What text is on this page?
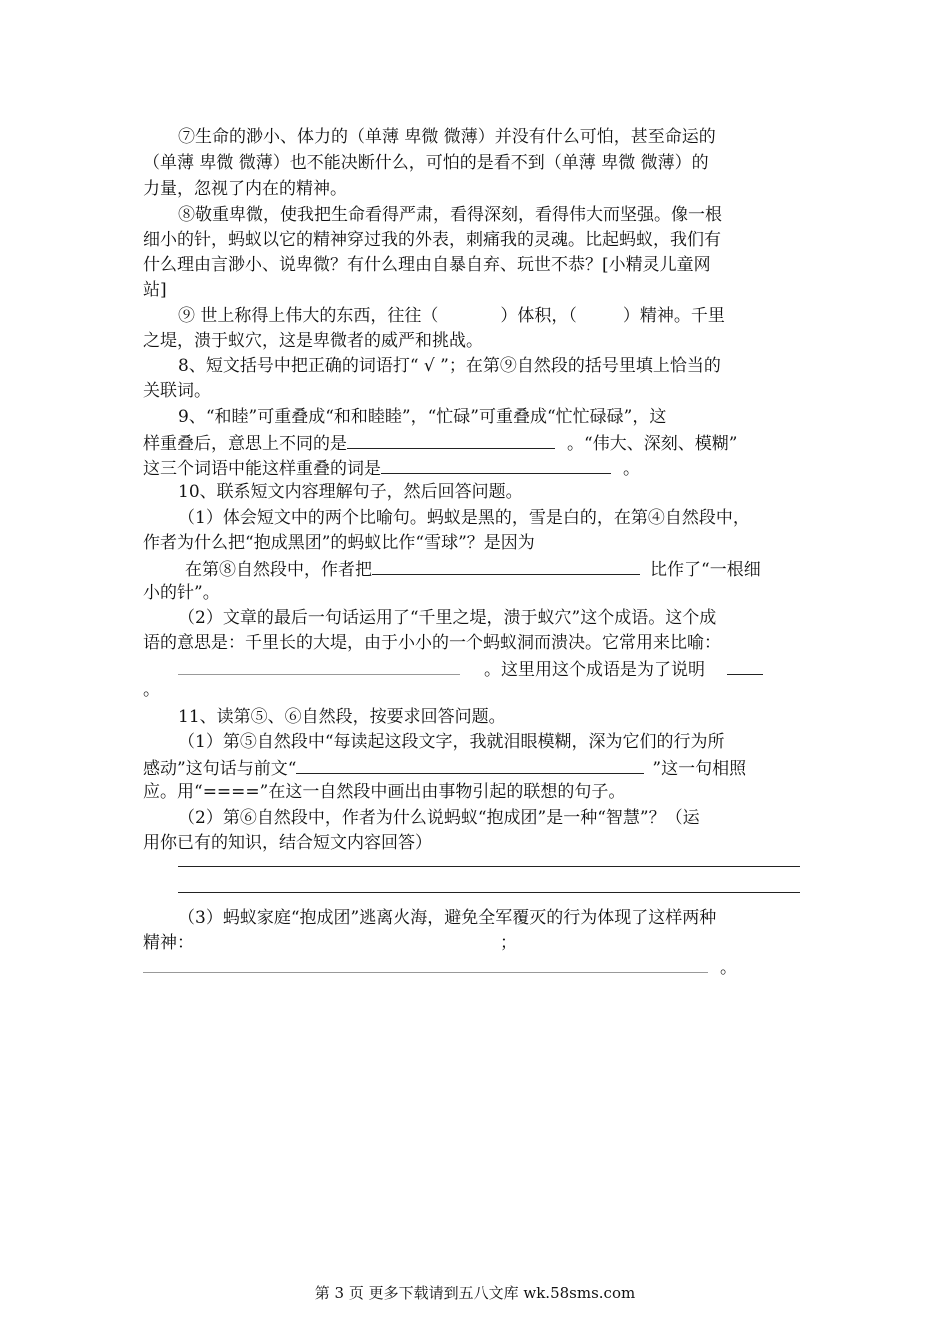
⑦生命的渺小、体力的（单薄 卑微 微薄）并没有什么可怕，甚至命运的
（单薄 卑微 微薄）也不能决断什么，可怕的是看不到（单薄 卑微 微薄）的
力量，忽视了内在的精神。
⑧敬重卑微，使我把生命看得严肃，看得深刻，看得伟大而坚强。像一根
细小的针，蚂蚁以它的精神穿过我的外表，刺痛我的灵魂。比起蚂蚁，我们有
什么理由言渺小、说卑微？有什么理由自暴自弃、玩世不恭？[小精灵儿童网
站]
⑨ 世上称得上伟大的东西，往往（	）体积，（	）精神。千里
之堤，溃于蚁穴，这是卑微者的威严和挑战。
8、短文括号中把正确的词语打“ √ ”；在第⑨自然段的括号里填上恰当的
关联词。
9、“和睦”可重叠成“和和睦睦”，“忙碌”可重叠成“忙忙碌碌”，这
样重叠后，意思上不同的是	。“伟大、深刻、模糊”
这三个词语中能这样重叠的词是	。
10、联系短文内容理解句子，然后回答问题。
（1）体会短文中的两个比喻句。蚂蚁是黑的，雪是白的，在第④自然段中，
作者为什么把“抱成黑团”的蚂蚁比作“雪球”？是因为
在第⑧自然段中，作者把	比作了“一根细
小的针”。
（2）文章的最后一句话运用了“千里之堤，溃于蚁穴”这个成语。这个成
语的意思是：千里长的大堤，由于小小的一个蚂蚁洞而溃决。它常用来比喻：
。这里用这个成语是为了说明
。
11、读第⑤、⑥自然段，按要求回答问题。
（1）第⑤自然段中“每读起这段文字，我就泪眼模糊，深为它们的行为所
感动”这句话与前文“	”这一句相照
应。用“====”在这一自然段中画出由事物引起的联想的句子。
（2）第⑥自然段中，作者为什么说蚂蚁“抱成团”是一种“智慧”？（运
用你已有的知识，结合短文内容回答）
（3）蚂蚁家庭“抱成团”逃离火海，避免全军覆灭的行为体现了这样两种
精神：	；
。
第 3 页 更多下载请到五八文库 wk.58sms.com
